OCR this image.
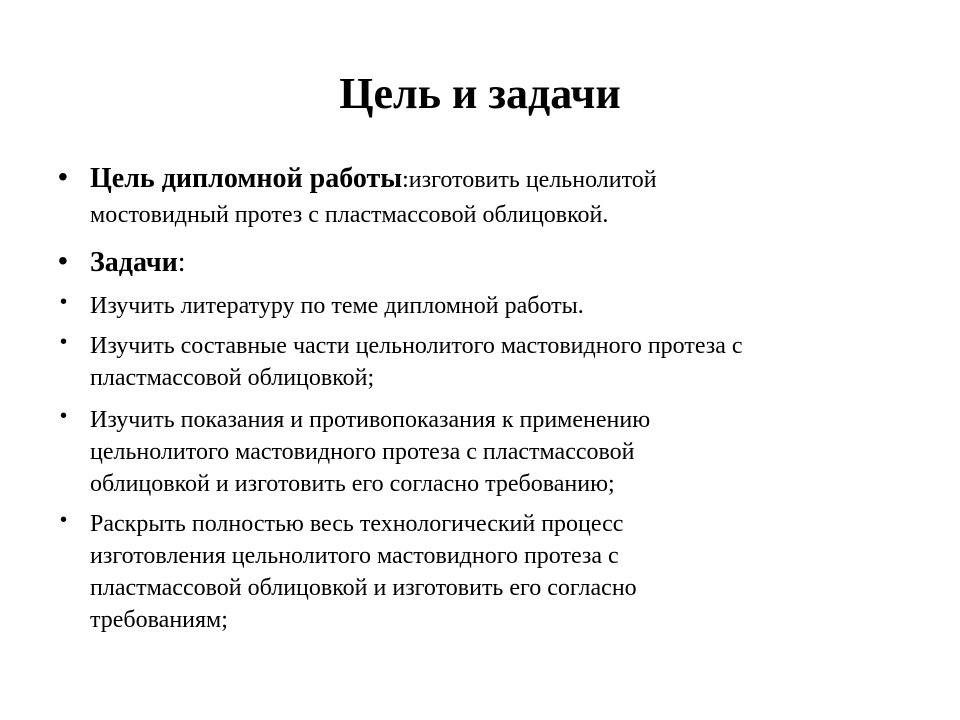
Цель и задачи
• Цель дипломной работы:изготовить цельнолитой
мостовидный протез с пластмассовой облицовкой.
• Задачи:
• Изучить литературу по теме дипломной работы.
• Изучить составные части цельнолитого мастовидного протеза с
пластмассовой облицовкой;
• Изучить показания и противопоказания к применению
цельнолитого мастовидного протеза с пластмассовой
облицовкой и изготовить его согласно требованию;
• Раскрыть полностью весь технологический процесс
изготовления цельнолитого мастовидного протеза с
пластмассовой облицовкой и изготовить его согласно
требованиям;
